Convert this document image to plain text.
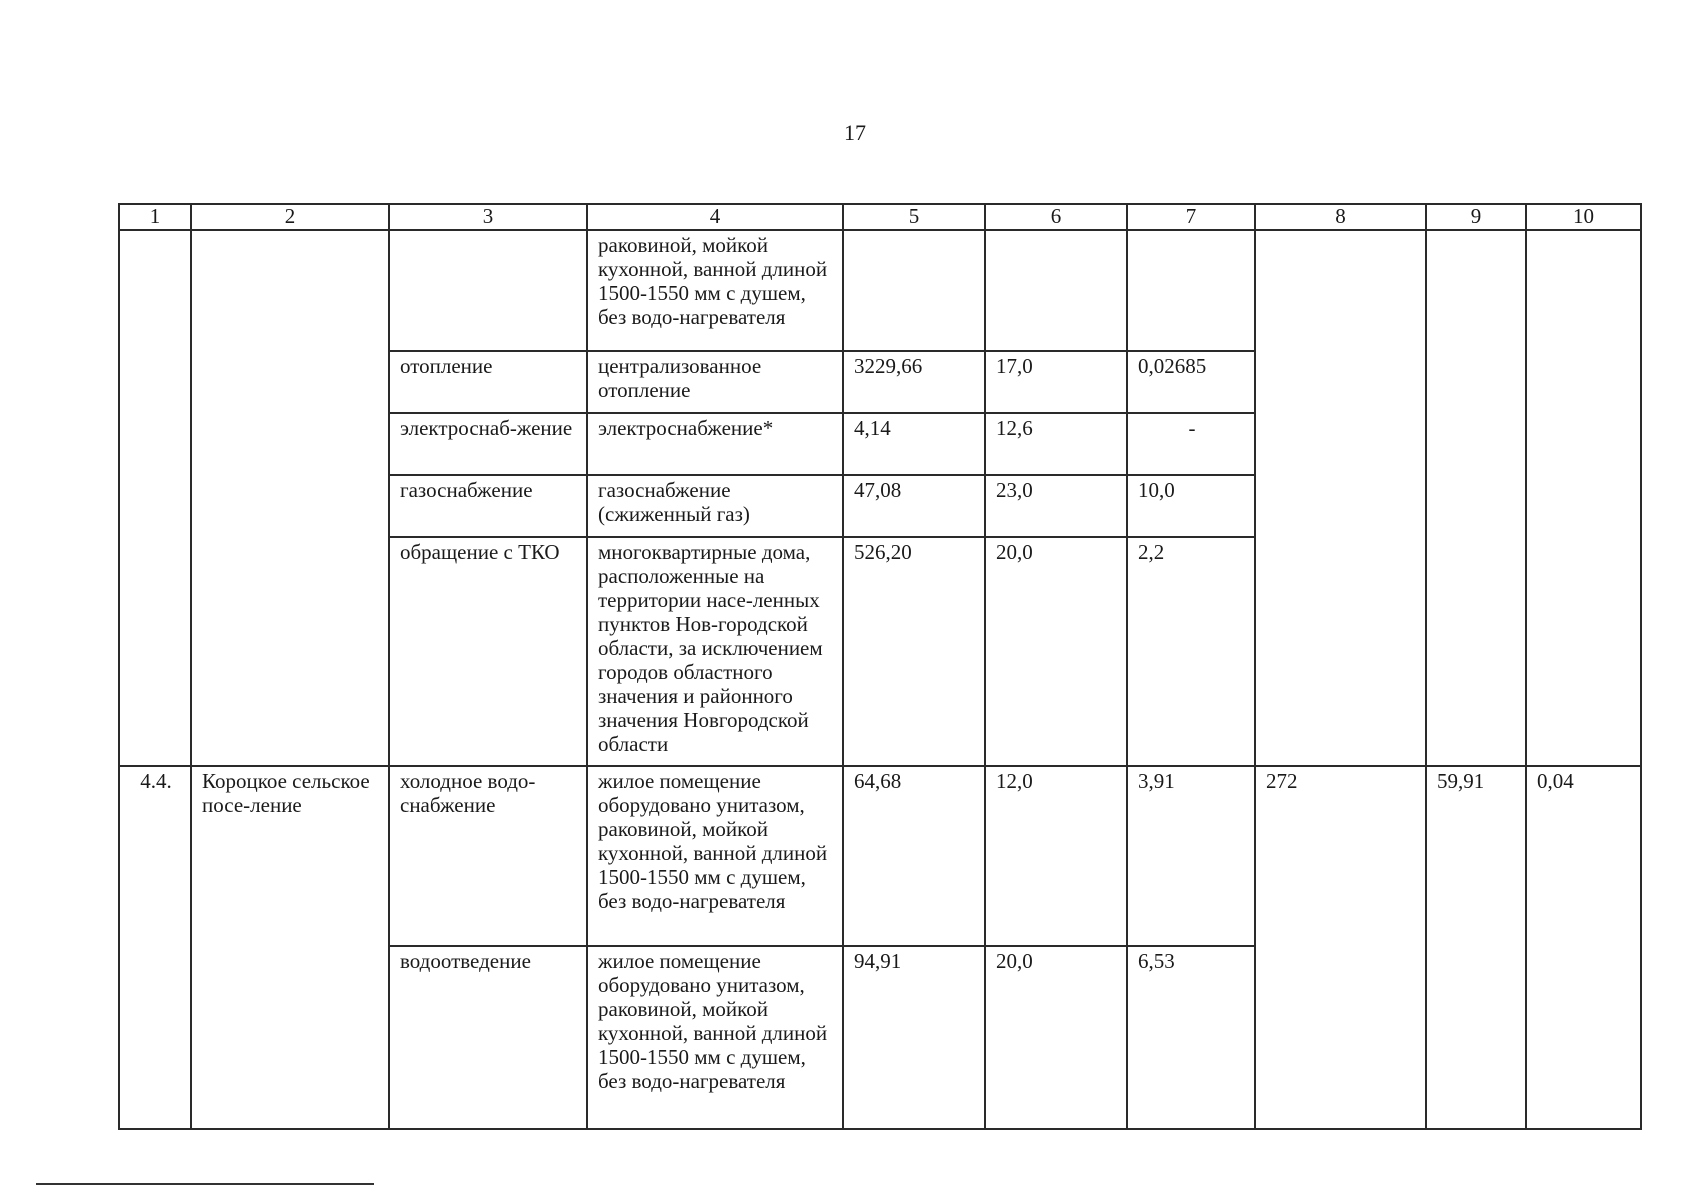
17
1	2	3	4	5	6	7	8	9	10
			раковиной, мойкой кухонной, ванной длиной 1500-1550 мм с душем, без водо-нагревателя						
		отопление	централизованное отопление	3229,66	17,0	0,02685			
		электроснаб-жение	электроснабжение*	4,14	12,6	-			
		газоснабжение	газоснабжение (сжиженный газ)	47,08	23,0	10,0			
		обращение с ТКО	многоквартирные дома, расположенные на территории насе-ленных пунктов Нов-городской области, за исключением городов областного значения и районного значения Новгородской области	526,20	20,0	2,2			
4.4.	Короцкое сельское посе-ление	холодное водо-снабжение	жилое помещение оборудовано унитазом, раковиной, мойкой кухонной, ванной длиной 1500-1550 мм с душем, без водо-нагревателя	64,68	12,0	3,91	272	59,91	0,04
		водоотведение	жилое помещение оборудовано унитазом, раковиной, мойкой кухонной, ванной длиной 1500-1550 мм с душем, без водо-нагревателя	94,91	20,0	6,53			
